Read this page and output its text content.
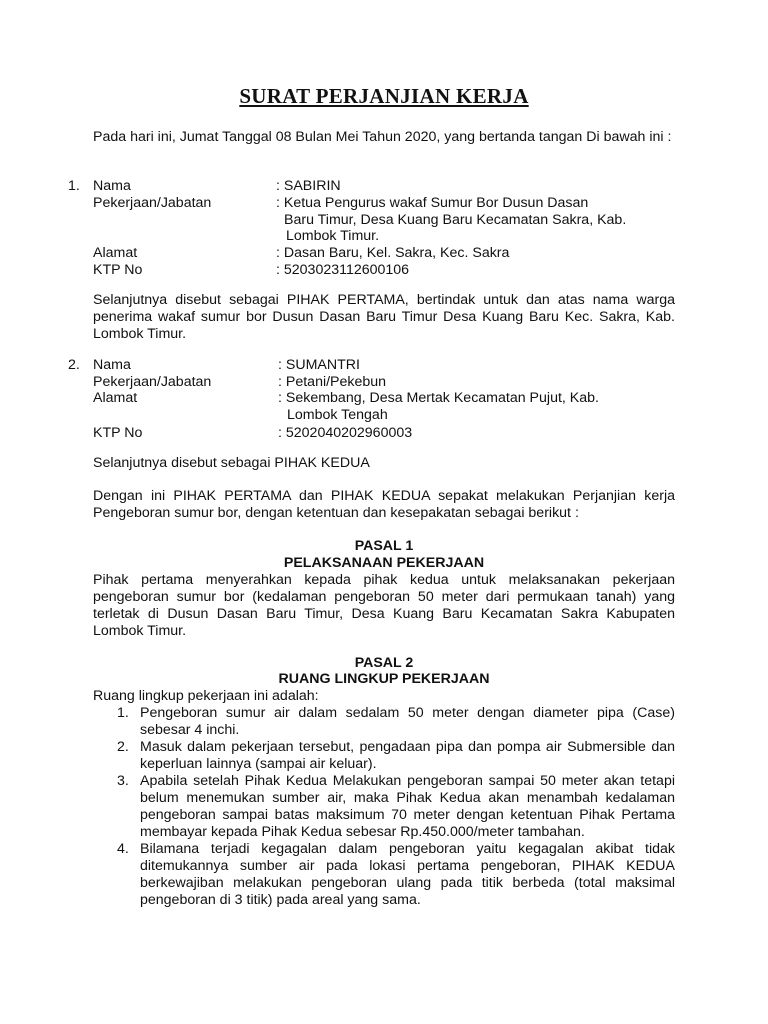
SURAT PERJANJIAN KERJA
Pada hari ini, Jumat Tanggal 08 Bulan Mei Tahun 2020, yang bertanda tangan Di bawah ini :
1. Nama	: SABIRIN
Pekerjaan/Jabatan	: Ketua Pengurus wakaf Sumur Bor Dusun Dasan
Baru Timur, Desa Kuang Baru Kecamatan Sakra, Kab.
Lombok Timur.
Alamat	: Dasan Baru, Kel. Sakra, Kec. Sakra
KTP No	: 5203023112600106
Selanjutnya disebut sebagai PIHAK PERTAMA, bertindak untuk dan atas nama warga penerima wakaf sumur bor Dusun Dasan Baru Timur Desa Kuang Baru Kec. Sakra, Kab. Lombok Timur.
2. Nama	: SUMANTRI
Pekerjaan/Jabatan	: Petani/Pekebun
Alamat	: Sekembang, Desa Mertak Kecamatan Pujut, Kab.
Lombok Tengah
KTP No	: 5202040202960003
Selanjutnya disebut sebagai PIHAK KEDUA
Dengan ini PIHAK PERTAMA dan PIHAK KEDUA sepakat melakukan Perjanjian kerja Pengeboran sumur bor, dengan ketentuan dan kesepakatan sebagai berikut :
PASAL 1
PELAKSANAAN PEKERJAAN
Pihak pertama menyerahkan kepada pihak kedua untuk melaksanakan pekerjaan pengeboran sumur bor (kedalaman pengeboran 50 meter dari permukaan tanah) yang terletak di Dusun Dasan Baru Timur, Desa Kuang Baru Kecamatan Sakra Kabupaten Lombok Timur.
PASAL 2
RUANG LINGKUP PEKERJAAN
Ruang lingkup pekerjaan ini adalah:
1. Pengeboran sumur air dalam sedalam 50 meter dengan diameter pipa (Case) sebesar 4 inchi.
2. Masuk dalam pekerjaan tersebut, pengadaan pipa dan pompa air Submersible dan keperluan lainnya (sampai air keluar).
3. Apabila setelah Pihak Kedua Melakukan pengeboran sampai 50 meter akan tetapi belum menemukan sumber air, maka Pihak Kedua akan menambah kedalaman pengeboran sampai batas maksimum 70 meter dengan ketentuan Pihak Pertama membayar kepada Pihak Kedua sebesar Rp.450.000/meter tambahan.
4. Bilamana terjadi kegagalan dalam pengeboran yaitu kegagalan akibat tidak ditemukannya sumber air pada lokasi pertama pengeboran, PIHAK KEDUA berkewajiban melakukan pengeboran ulang pada titik berbeda (total maksimal pengeboran di 3 titik) pada areal yang sama.
